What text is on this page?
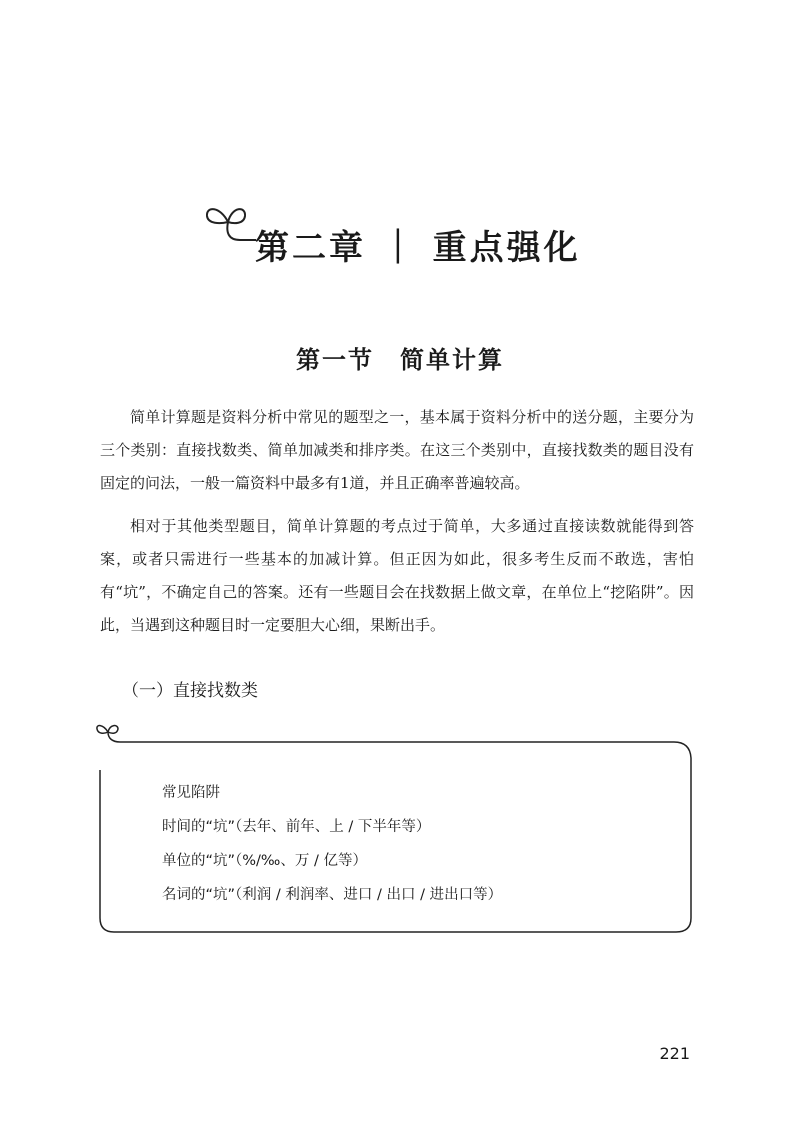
第二章 ｜ 重点强化
第一节　简单计算

简单计算题是资料分析中常见的题型之一，基本属于资料分析中的送分题，主要分为三个类别：直接找数类、简单加减类和排序类。在这三个类别中，直接找数类的题目没有固定的问法，一般一篇资料中最多有1道，并且正确率普遍较高。

相对于其他类型题目，简单计算题的考点过于简单，大多通过直接读数就能得到答案，或者只需进行一些基本的加减计算。但正因为如此，很多考生反而不敢选，害怕有“坑”，不确定自己的答案。还有一些题目会在找数据上做文章，在单位上“挖陷阱”。因此，当遇到这种题目时一定要胆大心细，果断出手。

（一）直接找数类
常见陷阱
时间的“坑”（去年、前年、上 / 下半年等）
单位的“坑”（%/‰、万 / 亿等）
名词的“坑”（利润 / 利润率、进口 / 出口 / 进出口等）
221
